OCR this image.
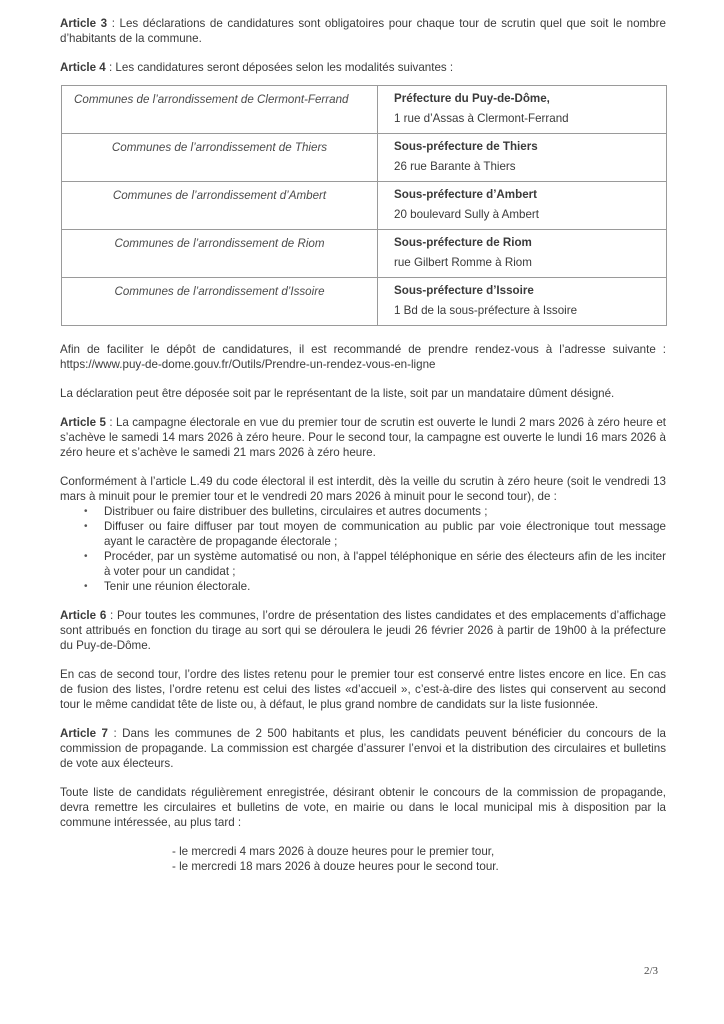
Article 3 : Les déclarations de candidatures sont obligatoires pour chaque tour de scrutin quel que soit le nombre d’habitants de la commune.

Article 4 : Les candidatures seront déposées selon les modalités suivantes :

Communes de l’arrondissement de Clermont-Ferrand	Préfecture du Puy-de-Dôme,
1 rue d’Assas à Clermont-Ferrand

Communes de l’arrondissement de Thiers	Sous-préfecture de Thiers
26 rue Barante à Thiers

Communes de l’arrondissement d’Ambert	Sous-préfecture d’Ambert
20 boulevard Sully à Ambert

Communes de l’arrondissement de Riom	Sous-préfecture de Riom
rue Gilbert Romme à Riom

Communes de l’arrondissement d’Issoire	Sous-préfecture d’Issoire
1 Bd de la sous-préfecture à Issoire

Afin de faciliter le dépôt de candidatures, il est recommandé de prendre rendez-vous à l’adresse suivante : https://www.puy-de-dome.gouv.fr/Outils/Prendre-un-rendez-vous-en-ligne

La déclaration peut être déposée soit par le représentant de la liste, soit par un mandataire dûment désigné.

Article 5 : La campagne électorale en vue du premier tour de scrutin est ouverte le lundi 2 mars 2026 à zéro heure et s’achève le samedi 14 mars 2026 à zéro heure. Pour le second tour, la campagne est ouverte le lundi 16 mars 2026 à zéro heure et s’achève le samedi 21 mars 2026 à zéro heure.

Conformément à l’article L.49 du code électoral il est interdit, dès la veille du scrutin à zéro heure (soit le vendredi 13 mars à minuit pour le premier tour et le vendredi 20 mars 2026 à minuit pour le second tour), de :

• Distribuer ou faire distribuer des bulletins, circulaires et autres documents ;
• Diffuser ou faire diffuser par tout moyen de communication au public par voie électronique tout message ayant le caractère de propagande électorale ;
• Procéder, par un système automatisé ou non, à l'appel téléphonique en série des électeurs afin de les inciter à voter pour un candidat ;
• Tenir une réunion électorale.

Article 6 : Pour toutes les communes, l’ordre de présentation des listes candidates et des emplacements d’affichage sont attribués en fonction du tirage au sort qui se déroulera le jeudi 26 février 2026 à partir de 19h00 à la préfecture du Puy-de-Dôme.

En cas de second tour, l’ordre des listes retenu pour le premier tour est conservé entre listes encore en lice. En cas de fusion des listes, l’ordre retenu est celui des listes «d’accueil », c’est-à-dire des listes qui conservent au second tour le même candidat tête de liste ou, à défaut, le plus grand nombre de candidats sur la liste fusionnée.

Article 7 : Dans les communes de 2 500 habitants et plus, les candidats peuvent bénéficier du concours de la commission de propagande. La commission est chargée d’assurer l’envoi et la distribution des circulaires et bulletins de vote aux électeurs.

Toute liste de candidats régulièrement enregistrée, désirant obtenir le concours de la commission de propagande, devra remettre les circulaires et bulletins de vote, en mairie ou dans le local municipal mis à disposition par la commune intéressée, au plus tard :

- le mercredi 4 mars 2026 à douze heures pour le premier tour,
- le mercredi 18 mars 2026 à douze heures pour le second tour.
2/3
